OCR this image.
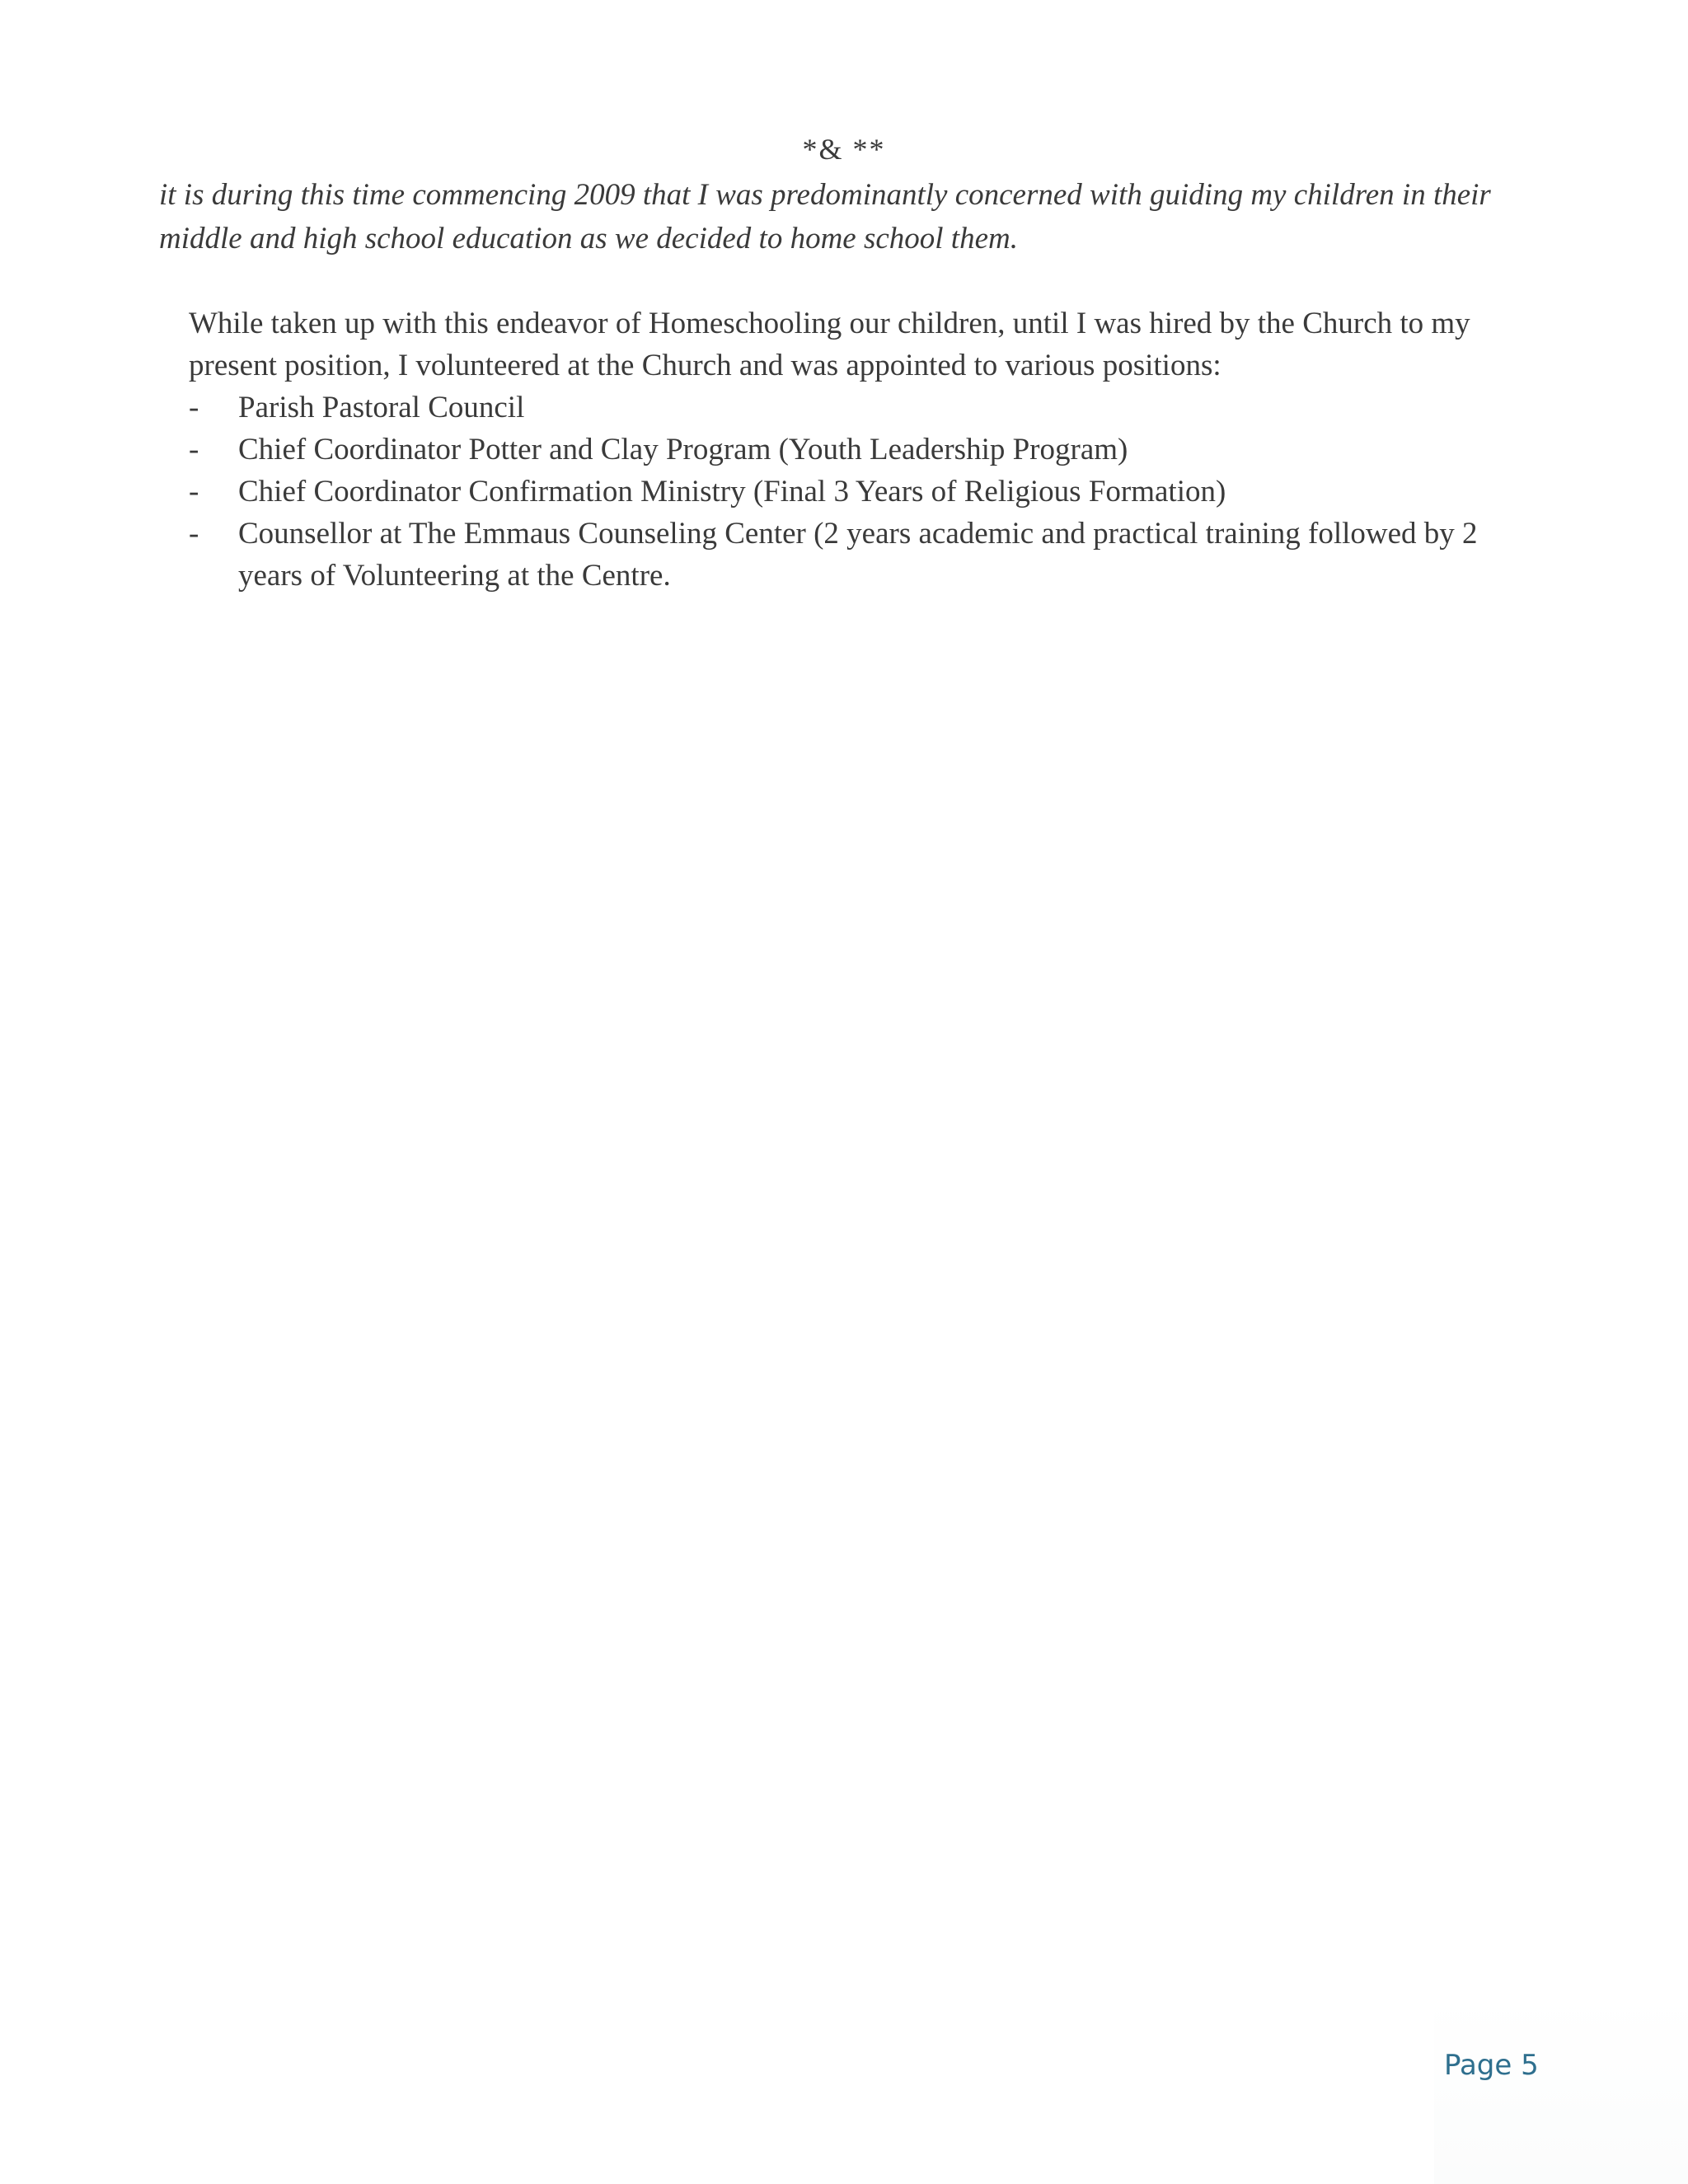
*& **
it is during this time commencing 2009 that I was predominantly concerned with guiding my children in their
middle and high school education as we decided to home school them.
While taken up with this endeavor of Homeschooling our children, until I was hired by the Church to my
present position, I volunteered at the Church and was appointed to various positions:
- Parish Pastoral Council
- Chief Coordinator Potter and Clay Program (Youth Leadership Program)
- Chief Coordinator Confirmation Ministry (Final 3 Years of Religious Formation)
- Counsellor at The Emmaus Counseling Center (2 years academic and practical training followed by 2
years of Volunteering at the Centre.
Page 5
